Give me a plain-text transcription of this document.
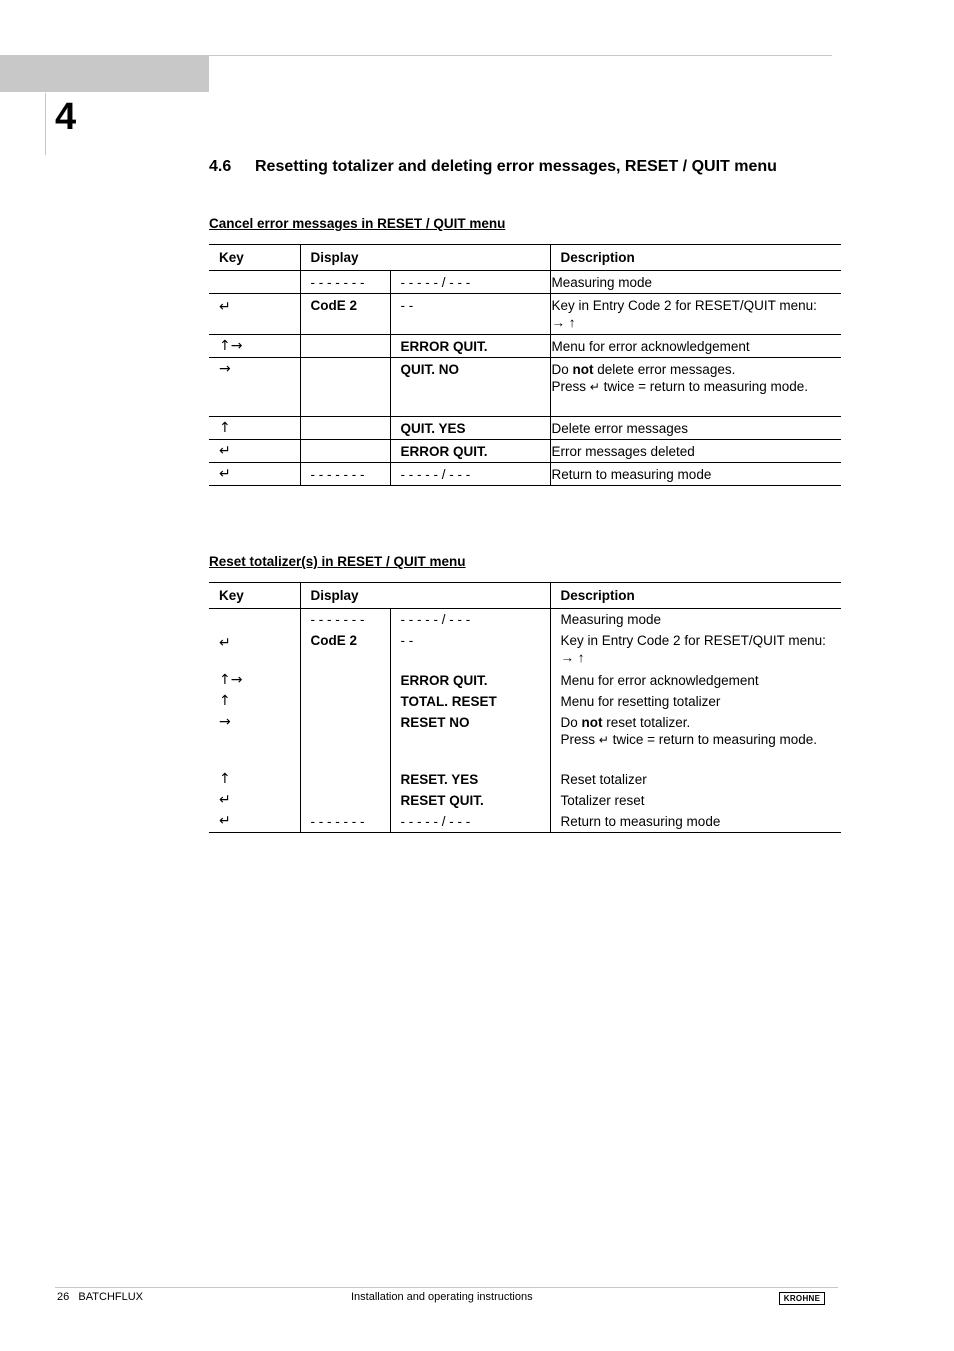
4
4.6 Resetting totalizer and deleting error messages, RESET / QUIT menu
Cancel error messages in RESET / QUIT menu
Key	Display		Description
	- - - - - - -	- - - - - / - - -	Measuring mode
↵	CodE 2	- -	Key in Entry Code 2 for RESET/QUIT menu: → ↑
↑→		ERROR QUIT.	Menu for error acknowledgement
→		QUIT. NO	Do not delete error messages.
Press ↵ twice = return to measuring mode.
↑		QUIT. YES	Delete error messages
↵		ERROR QUIT.	Error messages deleted
↵	- - - - - - -	- - - - - / - - -	Return to measuring mode
Reset totalizer(s) in RESET / QUIT menu
Key	Display		Description
	- - - - - - -	- - - - - / - - -	Measuring mode
↵	CodE 2	- -	Key in Entry Code 2 for RESET/QUIT menu: → ↑
↑→		ERROR QUIT.	Menu for error acknowledgement
↑		TOTAL. RESET	Menu for resetting totalizer
→		RESET NO	Do not reset totalizer.
Press ↵ twice = return to measuring mode.
↑		RESET. YES	Reset totalizer
↵		RESET QUIT.	Totalizer reset
↵	- - - - - - -	- - - - - / - - -	Return to measuring mode
26 BATCHFLUX	Installation and operating instructions	KROHNE
